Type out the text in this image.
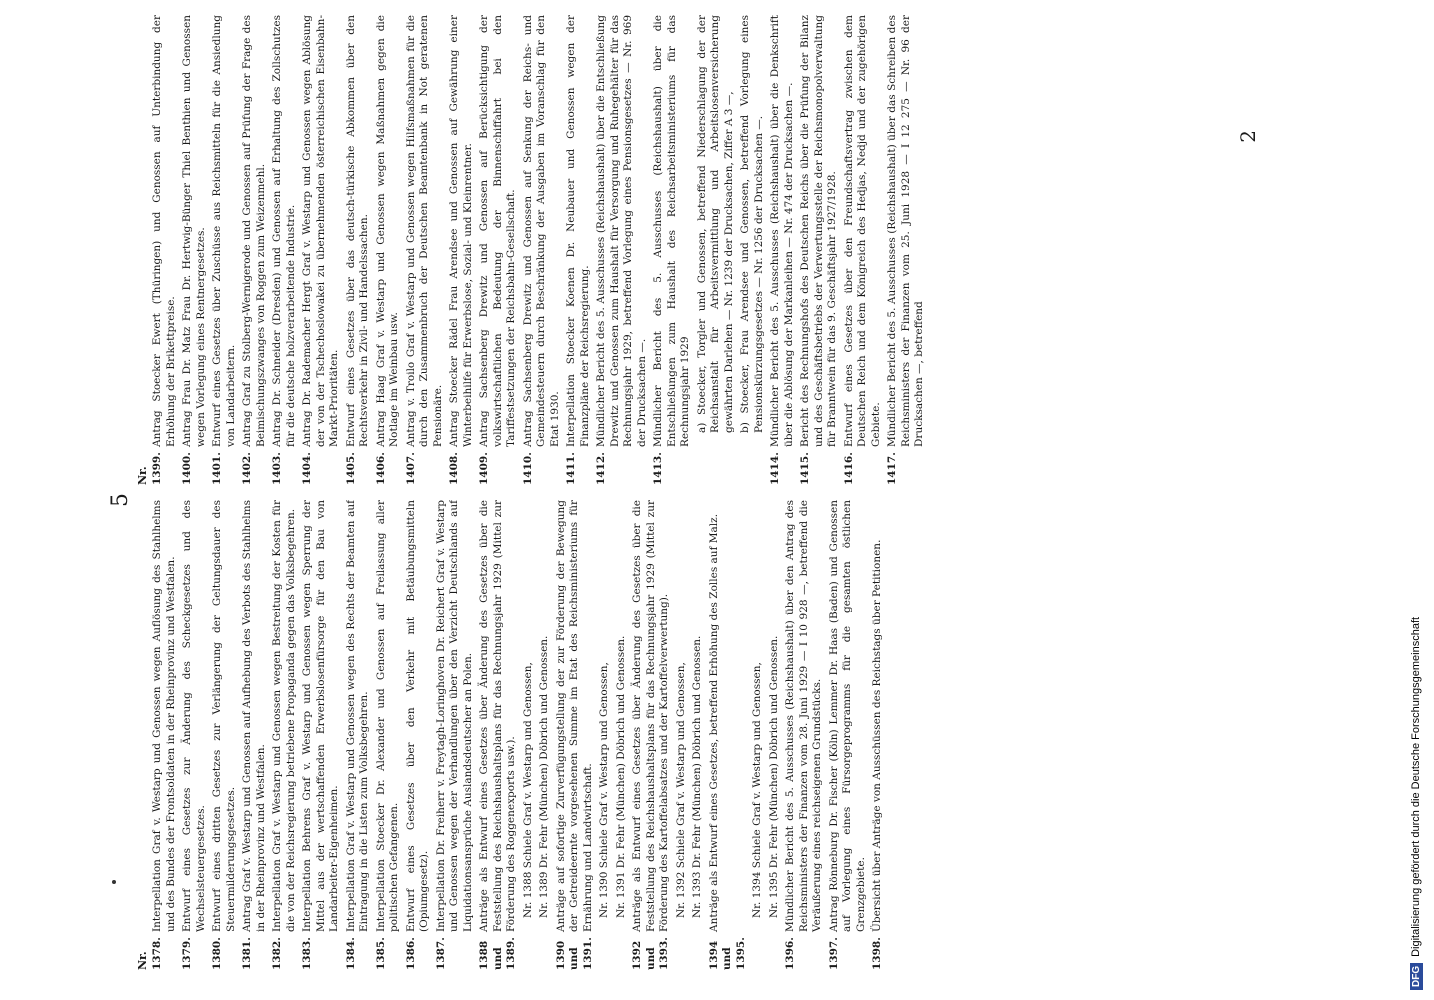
5
Nr. 1378.
Interpellation Graf v. Westarp und Genossen wegen Auflösung des Stahlhelms und des Bundes der Frontsoldaten in der Rheinprovinz und Westfalen.
1379.
Entwurf eines Gesetzes zur Änderung des Scheckgesetzes und des Wechselsteuergesetzes.
1380.
Entwurf eines dritten Gesetzes zur Verlängerung der Geltungsdauer des Steuermilderungsgesetzes.
1381.
Antrag Graf v. Westarp und Genossen auf Aufhebung des Verbots des Stahlhelms in der Rheinprovinz und Westfalen.
1382.
Interpellation Graf v. Westarp und Genossen wegen Bestreitung der Kosten für die von der Reichsregierung betriebene Propaganda gegen das Volksbegehren.
1383.
Interpellation Behrens Graf v. Westarp und Genossen wegen Sperrung der Mittel aus der wertschaffenden Erwerbslosenfürsorge für den Bau von Landarbeiter-Eigenheimen.
1384.
Interpellation Graf v. Westarp und Genossen wegen des Rechts der Beamten auf Eintragung in die Listen zum Volksbegehren.
1385.
Interpellation Stoecker Dr. Alexander und Genossen auf Freilassung aller politischen Gefangenen.
1386.
Entwurf eines Gesetzes über den Verkehr mit Betäubungsmitteln (Opiumgesetz).
1387.
Interpellation Dr. Freiherr v. Freytagh-Loringhoven Dr. Reichert Graf v. Westarp und Genossen wegen der Verhandlungen über den Verzicht Deutschlands auf Liquidationsansprüche Auslandsdeutscher an Polen.
1388 und 1389.
Anträge als Entwurf eines Gesetzes über Änderung des Gesetzes über die Feststellung des Reichshaushaltsplans für das Rechnungsjahr 1929 (Mittel zur Förderung des Roggenexports usw.). Nr. 1388 Schiele Graf v. Westarp und Genossen, Nr. 1389 Dr. Fehr (München) Döbrich und Genossen.
1390 und 1391.
Anträge auf sofortige Zurverfügungstellung der zur Förderung der Bewegung der Getreideernte vorgesehenen Summe im Etat des Reichsministeriums für Ernährung und Landwirtschaft. Nr. 1390 Schiele Graf v. Westarp und Genossen, Nr. 1391 Dr. Fehr (München) Döbrich und Genossen.
1392 und 1393.
Anträge als Entwurf eines Gesetzes über Änderung des Gesetzes über die Feststellung des Reichshaushaltsplans für das Rechnungsjahr 1929 (Mittel zur Förderung des Kartoffelabsatzes und der Kartoffelverwertung). Nr. 1392 Schiele Graf v. Westarp und Genossen, Nr. 1393 Dr. Fehr (München) Döbrich und Genossen.
1394 und 1395.
Anträge als Entwurf eines Gesetzes, betreffend Erhöhung des Zolles auf Malz.	Nr. 1394 Schiele Graf v. Westarp und Genossen, Nr. 1395 Dr. Fehr (München) Döbrich und Genossen.
1396.
Mündlicher Bericht des 5. Ausschusses (Reichshaushalt) über den Antrag des Reichsministers der Finanzen vom 28. Juni 1929 — I 10 928 —, betreffend die Veräußerung eines reichseigenen Grundstücks.
1397.
Antrag Rönneburg Dr. Fischer (Köln) Lemmer Dr. Haas (Baden) und Genossen auf Vorlegung eines Fürsorgeprogramms für die gesamten östlichen Grenzgebiete.
1398.
Übersicht über Anträge von Ausschüssen des Reichstags über Petitionen.
Nr. 1399.
Antrag Stoecker Ewert (Thüringen) und Genossen auf Unterbindung der Erhöhung der Brikettpreise.
1400.
Antrag Frau Dr. Matz Frau Dr. Hertwig-Bünger Thiel Benthien und Genossen wegen Vorlegung eines Rentnergesetzes.
1401.
Entwurf eines Gesetzes über Zuschüsse aus Reichsmitteln für die Ansiedlung von Landarbeitern.
1402.
Antrag Graf zu Stolberg-Wernigerode und Genossen auf Prüfung der Frage des Beimischungszwanges von Roggen zum Weizenmehl.
1403.
Antrag Dr. Schneider (Dresden) und Genossen auf Erhaltung des Zollschutzes für die deutsche holzverarbeitende Industrie.
1404.
Antrag Dr. Rademacher Hergt Graf v. Westarp und Genossen wegen Ablösung der von der Tschechoslowakei zu übernehmenden österreichischen Eisenbahn-Markt-Prioritäten.
1405.
Entwurf eines Gesetzes über das deutsch-türkische Abkommen über den Rechtsverkehr in Zivil- und Handelssachen.
1406.
Antrag Haag Graf v. Westarp und Genossen wegen Maßnahmen gegen die Notlage im Weinbau usw.
1407.
Antrag v. Troilo Graf v. Westarp und Genossen wegen Hilfsmaßnahmen für die durch den Zusammenbruch der Deutschen Beamtenbank in Not geratenen Pensionäre.
1408.
Antrag Stoecker Rädel Frau Arendsee und Genossen auf Gewährung einer Winterbeihilfe für Erwerbslose, Sozial- und Kleinrentner.
1409.
Antrag Sachsenberg Drewitz und Genossen auf Berücksichtigung der volkswirtschaftlichen Bedeutung der Binnenschiffahrt bei den Tariffestsetzungen der Reichsbahn-Gesellschaft.
1410.
Antrag Sachsenberg Drewitz und Genossen auf Senkung der Reichs- und Gemeindesteuern durch Beschränkung der Ausgaben im Voranschlag für den Etat 1930.
1411.
Interpellation Stoecker Koenen Dr. Neubauer und Genossen wegen der Finanzpläne der Reichsregierung.
1412.
Mündlicher Bericht des 5. Ausschusses (Reichshaushalt) über die Entschließung Drewitz und Genossen zum Haushalt für Versorgung und Ruhegehälter für das Rechnungsjahr 1929, betreffend Vorlegung eines Pensionsgesetzes — Nr. 969 der Drucksachen —.
1413.
Mündlicher Bericht des 5. Ausschusses (Reichshaushalt) über die Entschließungen zum Haushalt des Reichsarbeitsministeriums für das Rechnungsjahr 1929 a) Stoecker, Torgler und Genossen, betreffend Niederschlagung der der Reichsanstalt für Arbeitsvermittlung und Arbeitslosenversicherung gewährten Darlehen — Nr. 1239 der Drucksachen, Ziffer A 3 —, b) Stoecker, Frau Arendsee und Genossen, betreffend Vorlegung eines Pensionskürzungsgesetzes — Nr. 1256 der Drucksachen —.
1414.
Mündlicher Bericht des 5. Ausschusses (Reichshaushalt) über die Denkschrift über die Ablösung der Markanleihen — Nr. 474 der Drucksachen —.
1415.
Bericht des Rechnungshofs des Deutschen Reichs über die Prüfung der Bilanz und des Geschäftsbetriebs der Verwertungsstelle der Reichsmonopolverwaltung für Branntwein für das 9. Geschäftsjahr 1927/1928.
1416.
Entwurf eines Gesetzes über den Freundschaftsvertrag zwischen dem Deutschen Reich und dem Königreich des Hedjas, Nedjd und der zugehörigen Gebiete.
1417.
Mündlicher Bericht des 5. Ausschusses (Reichshaushalt) über das Schreiben des Reichsministers der Finanzen vom 25. Juni 1928 — I 12 275 — Nr. 96 der Drucksachen —, betreffend
2
DFG
Digitalisierung gefördert durch die Deutsche Forschungsgemeinschaft
